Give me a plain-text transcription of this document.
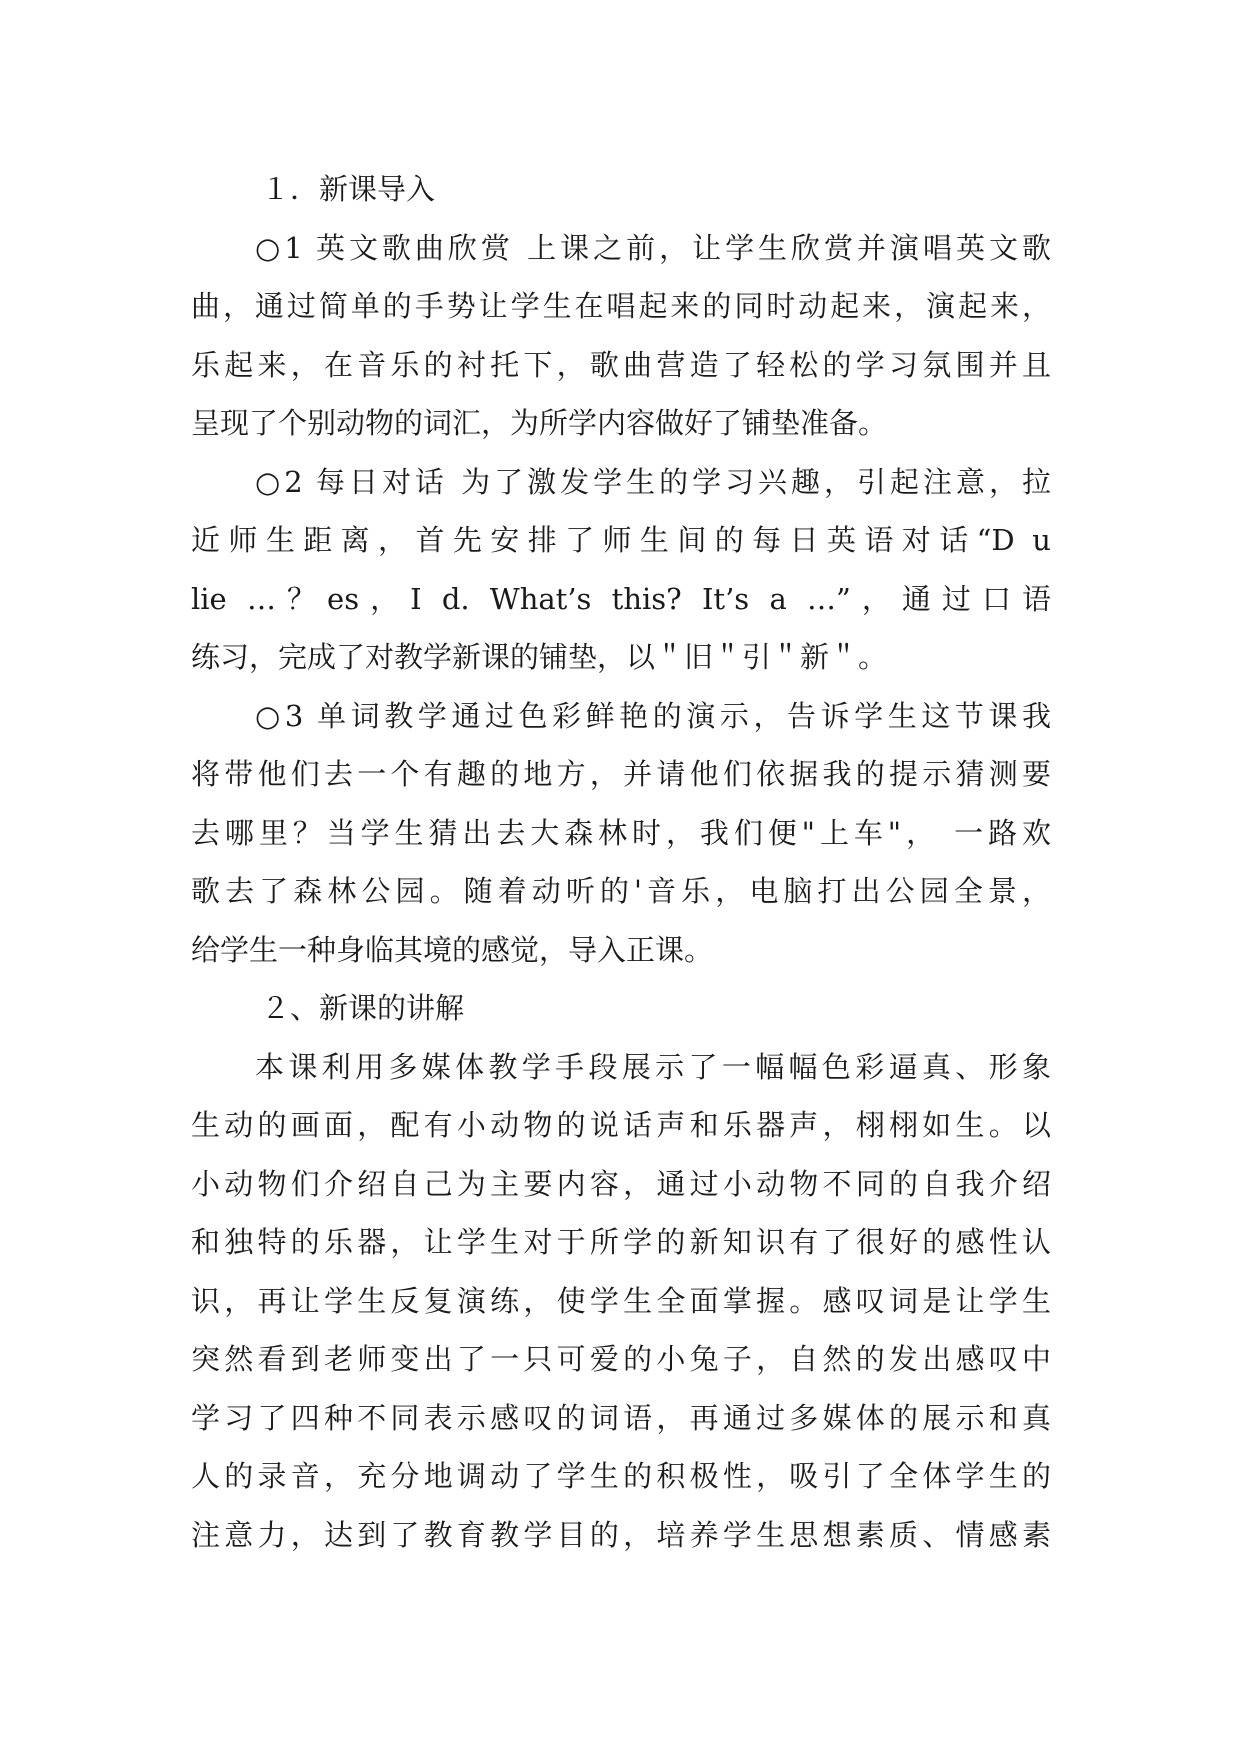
１．新课导入
○1 英文歌曲欣赏 上课之前，让学生欣赏并演唱英文歌
曲，通过简单的手势让学生在唱起来的同时动起来，演起来，
乐起来，在音乐的衬托下，歌曲营造了轻松的学习氛围并且
呈现了个别动物的词汇，为所学内容做好了铺垫准备。
○2 每日对话 为了激发学生的学习兴趣，引起注意，拉
近师生距离，首先安排了师生间的每日英语对话“D u
lie …？es，I d. What’s this? It’s a …”，通过口语
练习，完成了对教学新课的铺垫，以＂旧＂引＂新＂。
○3 单词教学通过色彩鲜艳的演示，告诉学生这节课我
将带他们去一个有趣的地方，并请他们依据我的提示猜测要
去哪里？当学生猜出去大森林时，我们便"上车"， 一路欢
歌去了森林公园。随着动听的'音乐，电脑打出公园全景，
给学生一种身临其境的感觉，导入正课。
２、新课的讲解
本课利用多媒体教学手段展示了一幅幅色彩逼真、形象
生动的画面，配有小动物的说话声和乐器声，栩栩如生。以
小动物们介绍自己为主要内容，通过小动物不同的自我介绍
和独特的乐器，让学生对于所学的新知识有了很好的感性认
识，再让学生反复演练，使学生全面掌握。感叹词是让学生
突然看到老师变出了一只可爱的小兔子，自然的发出感叹中
学习了四种不同表示感叹的词语，再通过多媒体的展示和真
人的录音，充分地调动了学生的积极性，吸引了全体学生的
注意力，达到了教育教学目的，培养学生思想素质、情感素
